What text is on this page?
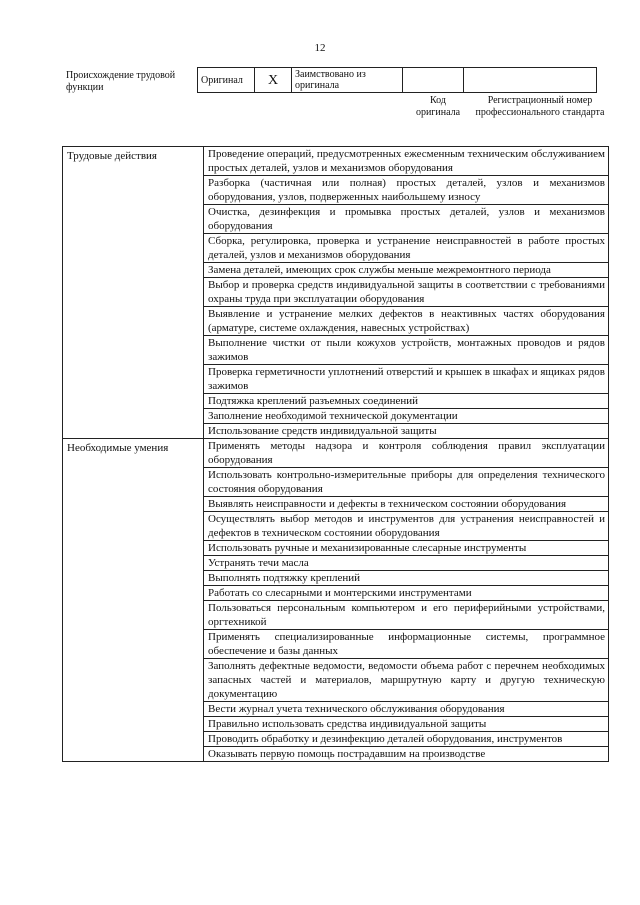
12
Происхождение трудовой функции
Оригинал	X	Заимствовано из оригинала		
Код оригинала
Регистрационный номер профессионального стандарта
Трудовые действия	Проведение операций, предусмотренных ежесменным техническим обслуживанием простых деталей, узлов и механизмов оборудования
	Разборка (частичная или полная) простых деталей, узлов и механизмов оборудования, узлов, подверженных наибольшему износу
	Очистка, дезинфекция и промывка простых деталей, узлов и механизмов оборудования
	Сборка, регулировка, проверка и устранение неисправностей в работе простых деталей, узлов и механизмов оборудования
	Замена деталей, имеющих срок службы меньше межремонтного периода
	Выбор и проверка средств индивидуальной защиты в соответствии с требованиями охраны труда при эксплуатации оборудования
	Выявление и устранение мелких дефектов в неактивных частях оборудования (арматуре, системе охлаждения, навесных устройствах)
	Выполнение чистки от пыли кожухов устройств, монтажных проводов и рядов зажимов
	Проверка герметичности уплотнений отверстий и крышек в шкафах и ящиках рядов зажимов
	Подтяжка креплений разъемных соединений
	Заполнение необходимой технической документации
	Использование средств индивидуальной защиты
Необходимые умения	Применять методы надзора и контроля соблюдения правил эксплуатации оборудования
	Использовать контрольно-измерительные приборы для определения технического состояния оборудования
	Выявлять неисправности и дефекты в техническом состоянии оборудования
	Осуществлять выбор методов и инструментов для устранения неисправностей и дефектов в техническом состоянии оборудования
	Использовать ручные и механизированные слесарные инструменты
	Устранять течи масла
	Выполнять подтяжку креплений
	Работать со слесарными и монтерскими инструментами
	Пользоваться персональным компьютером и его периферийными устройствами, оргтехникой
	Применять специализированные информационные системы, программное обеспечение и базы данных
	Заполнять дефектные ведомости, ведомости объема работ с перечнем необходимых запасных частей и материалов, маршрутную карту и другую техническую документацию
	Вести журнал учета технического обслуживания оборудования
	Правильно использовать средства индивидуальной защиты
	Проводить обработку и дезинфекцию деталей оборудования, инструментов
	Оказывать первую помощь пострадавшим на производстве
